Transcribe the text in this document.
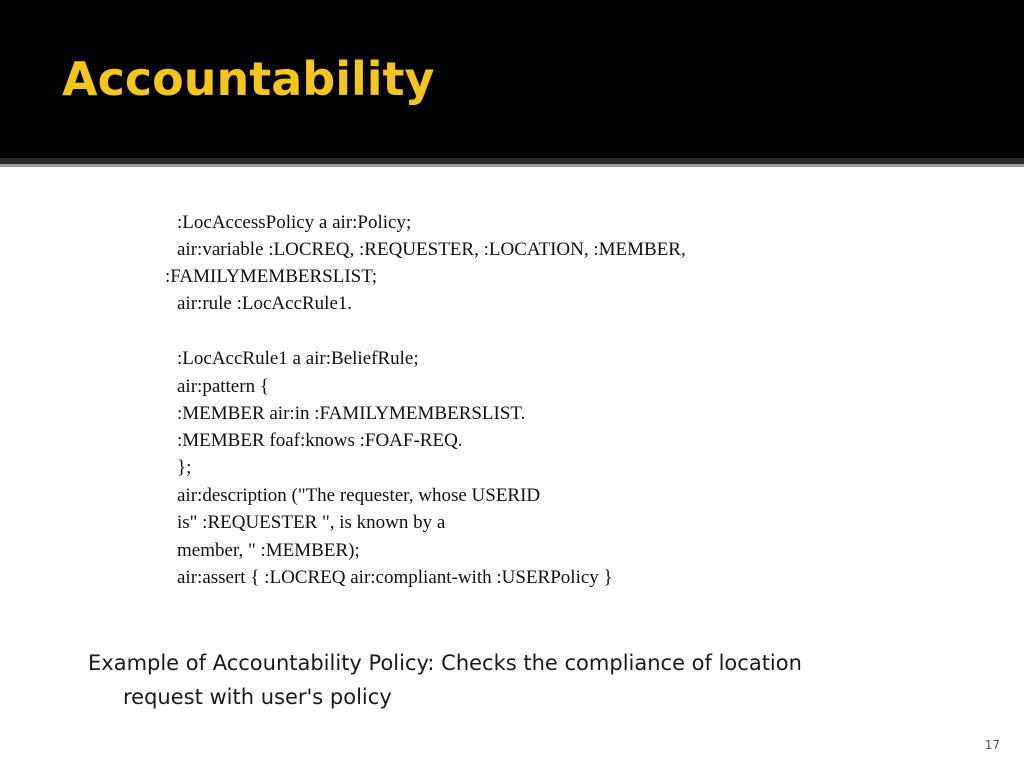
Accountability

:LocAccessPolicy a air:Policy;

air:variable :LOCREQ, :REQUESTER, :LOCATION, :MEMBER,

:FAMILYMEMBERSLIST;

air:rule :LocAccRule1.

:LocAccRule1 a air:BeliefRule;

air:pattern {

:MEMBER air:in :FAMILYMEMBERSLIST.

:MEMBER foaf:knows :FOAF-REQ.

};

air:description ("The requester, whose USERID

is" :REQUESTER ", is known by a

member, " :MEMBER);

air:assert { :LOCREQ air:compliant-with :USERPolicy }

Example of Accountability Policy: Checks the compliance of location
request with user's policy

17
